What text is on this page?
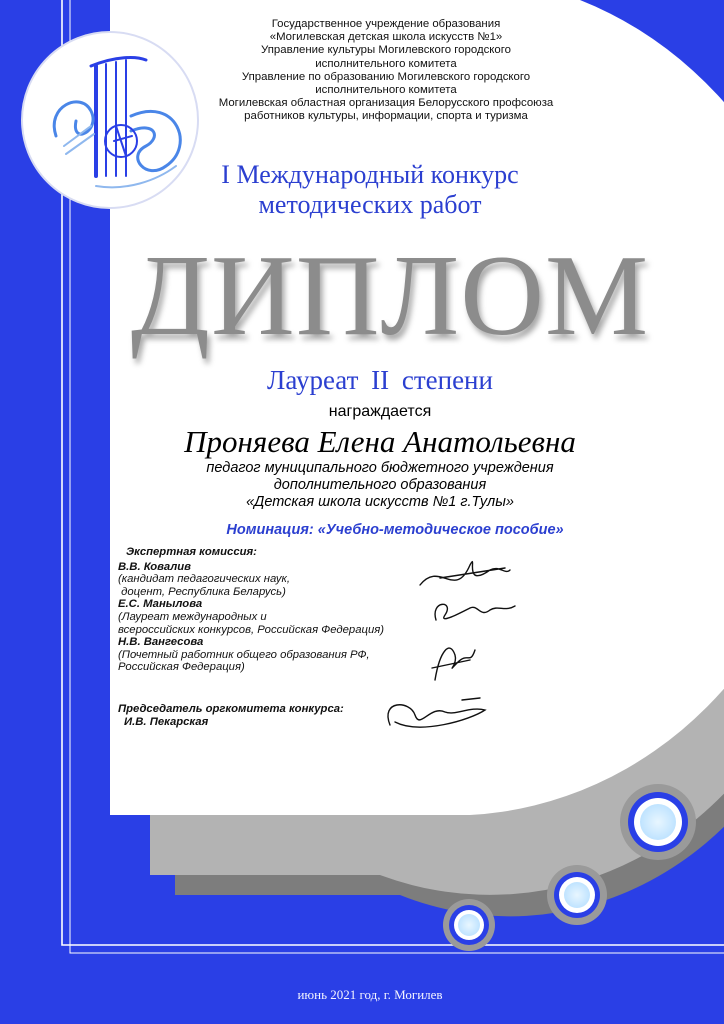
Государственное учреждение образования
«Могилевская детская школа искусств №1»
Управление культуры Могилевского городского
исполнительного комитета
Управление по образованию Могилевского городского
исполнительного комитета
Могилевская областная организация Белорусского профсоюза
работников культуры, информации, спорта и туризма
I Международный конкурс
методических работ
ДИПЛОМ
Лауреат II степени
награждается
Проняева Елена Анатольевна
педагог муниципального бюджетного учреждения
дополнительного образования
«Детская школа искусств №1 г.Тулы»
Номинация: «Учебно-методическое пособие»
Экспертная комиссия:
В.В. Ковалив
(кандидат педагогических наук,
доцент, Республика Беларусь)
Е.С. Манылова
(Лауреат международных и
всероссийских конкурсов, Российская Федерация)
Н.В. Вангесова
(Почетный работник общего образования РФ,
Российская Федерация)
Председатель оргкомитета конкурса:
И.В. Пекарская
июнь 2021 год, г. Могилев
